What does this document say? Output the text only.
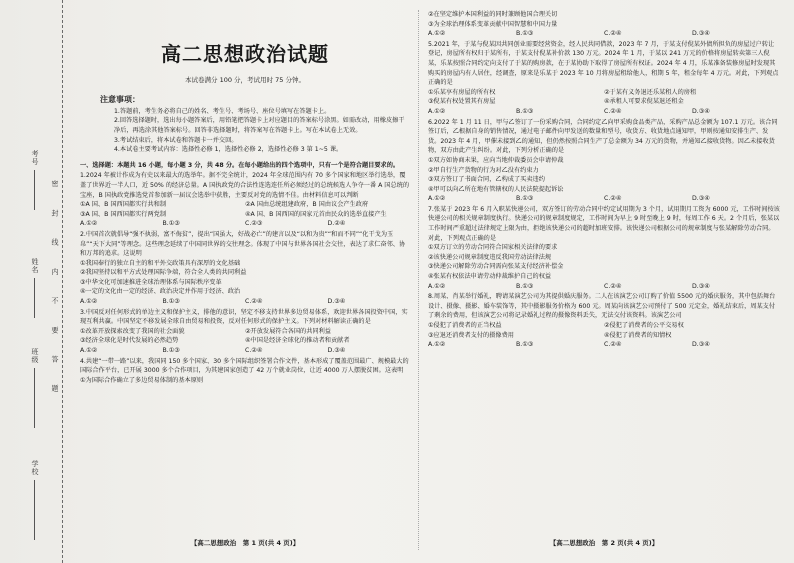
考号
姓名
班级
学校
密 封 线 内 不 要 答 题
高二思想政治试题
本试卷满分 100 分，考试用时 75 分钟。
注意事项：

1.答题前，考生务必将自己的姓名、考生号、考场号、座位号填写在答题卡上。

2.回答选择题时，选出每小题答案后，用铅笔把答题卡上对应题目的答案标号涂黑。如需改动，用橡皮擦干净后，再选涂其他答案标号。回答非选择题时，将答案写在答题卡上。写在本试卷上无效。

3.考试结束后，将本试卷和答题卡一并交回。

4.本试卷主要考试内容：选择性必修 1，选择性必修 2，选择性必修 3 第 1~5 课。

一、选择题：本题共 16 小题，每小题 3 分，共 48 分。在每小题给出的四个选项中，只有一个是符合题目要求的。

1.2024 年被计作成为有史以来最大的选举年。据不完全统计，2024 年全球范围内有 70 多个国家和地区举行选举，覆盖了世界近一半人口，近 50% 的经济总量。A 国执政党的合法性连选连任所必须经过的总统候选人争夺一番 A 国总统的宝座，B 国执政党推选党首参加新一届议会选举中获胜，主要反对党的选情不佳。由材料信息可以判断

①A 国、B 国西国都实行共和制	②A 国由总统组建政府，B 国由议会产生政府
③A 国、B 国西国都实行两党制	④A 国、B 国西国的国家元首由民众的选举直接产生
A.①②	B.①③	C.②③	D.②④

2.中国首次就倡导“强不执弱，富不侮贫”，提出“国虽大，好战必亡”的建言以及“以和为贵”“和而不同”“化干戈为玉帛”“天下大同”等理念。这些理念延续了中国同世界的交往理念。体现了中国与世界各国社会交往，表达了求仁奋邻、协和万邦的追求。这说明

①我国奉行的独立自主的和平外交政策具有深厚的文化基础

②我国坚持以和平方式处理国际争端，符合全人类的共同利益

③中华文化可加速推进全球治理体系与国际秩序变革

④一定的文化由一定的经济、政治决定并作用于经济、政治

A.①②	B.①③	C.②④	D.③④

3.中国反对任何形式的单边主义和保护主义，排他的意识，坚定不移支持世界多边贸易体系，欢迎世界各国投资中国，实现互利共赢。中国坚定不移发展全球自由贸易和投资，反对任何形式的保护主义。下列对材料解读正确的是

①改革开放探索改变了我国的社会面貌	②开放发展符合各国的共同利益
③经济全球化是时代发展的必然趋势	④中国是经济全球化的推动者和贡献者
A.①②	B.①③	C.②④	D.③④

4.共建“一带一路”以来，我国同 150 多个国家、30 多个国际组织签署合作文件，基本形成了覆盖范围最广、规模最大的国际合作平台，已开展 3000 多个合作项目，为其建国家创造了 42 万个就业岗位，让近 4000 万人摆脱贫困。这表明

①为国际合作确立了多边贸易体制的基本原则

【高二思想政治　第 1 页(共 4 页)】

②在坚定维护本国利益的同时兼顾他国合理关切

③为全球治理体系变革贡献中国智慧和中国力量

A.①②	B.①③	C.②④	D.③④

5.2021 年，于某与倪某因共同创业需要经营资金，经人民共同借款，2023 年 7 月，于某支付倪某外债所担负的房屋过户转让登记，房屋所有权归于某所有，于某支付倪某补价款 130 万元。2024 年 1 月，于某以 241 万元的价格将房屋转卖第三人倪某，乐某按照合同约定向支付了于某的购房款，在于某协助下取得了房屋所有权证。2024 年 4 月，乐某准备装修房屋时发现其购买的房屋内有人居住，经调查，原来是乐某于 2023 年 10 月将房屋租给他人，租期 5 年，租金每年 4 万元。对此，下列观点正确的是

①乐某享有房屋的所有权	②于某有义务退还乐某租人的房租
③倪某有权处置其有房屋	④承租人可要求倪某退还租金
A.①②	B.①③	C.②④	D.③④

6.2022 年 1 月 11 日，甲与乙签订了一份采购合同，合同约定乙向甲采购食品类产品，采购产品总金额为 107.1 万元。该合同签订后，乙根据自身的销售情况，通过电子邮件向甲发送的数量和型号，收货方、收货地点通知甲，甲则按通知安排生产、发货。2023 年 4 月，甲催未接到乙的通知，但仍然按照合同生产了总金额为 34 万元的货物，并通知乙接收货物。因乙未接收货物，双方由此产生纠纷。对此，下列分析正确的是

①双方如协商未果，应向当地仲裁委员会申请仲裁

②甲自行生产货物的行为对乙没有约束力

③双方签订了书面合同，乙构成了买卖违约

④甲可以向乙所在地有管辖权的人民法院提起诉讼

A.①②	B.①③	C.②④	D.③④

7.张某于 2023 年 6 月入职某快递公司，双方签订的劳动合同中约定试用期为 3 个月，试用期月工资为 6000 元，工作时间按该快递公司的相关规章制度执行。快递公司的规章制度规定，工作时间为早上 9 时至晚上 9 时，每周工作 6 天。2 个月后，张某以工作时间严重超过法律规定上限为由，拒绝该快递公司的超时加班安排。该快递公司根据公司的规章制度与张某解除劳动合同。对此，下列观点正确的是

①双方订立的劳动合同符合国家相关法律的要求

②该快递公司规章制度违反我国劳动法律法规

③快递公司解除劳动合同需向张某支付经济补偿金

④张某有权依法申请劳动仲裁维护自己的权益

A.①②	B.①③	C.②④	D.③④

8.周某、肖某举行婚礼，聘请某演艺公司为其提供婚庆服务。二人在该演艺公司订购了价值 5500 元的婚庆服务，其中包括舞台设计、摄像、摄影、婚车装饰等，其中摄影服务价格为 600 元。周某向该演艺公司预付了 500 元定金，婚礼结束后，周某支付了剩余的费用，但该演艺公司将记录婚礼过程的摄像资料丢失，无法交付该资料。该演艺公司

①侵犯了消费者的正当权益	②侵犯了消费者的公平交易权
③应退还消费者支付的摄像费用	④侵犯了消费者的知情权
A.①②	B.①③	C.②④	D.③④
【高二思想政治　第 2 页(共 4 页)】
